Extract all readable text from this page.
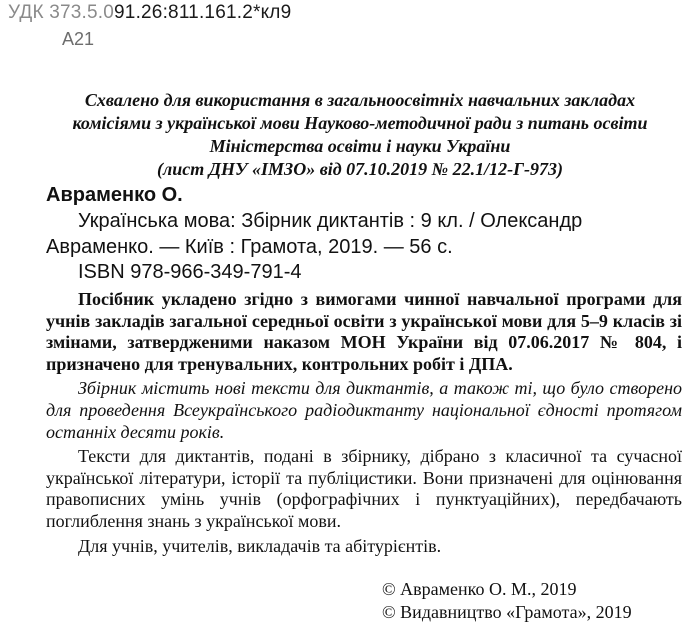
УДК 373.5.091.26:811.161.2*кл9
А21
Схвалено для використання в загальноосвітніх навчальних закладах
комісіями з української мови Науково-методичної ради з питань освіти
Міністерства освіти і науки України
(лист ДНУ «ІМЗО» від 07.10.2019 № 22.1/12-Г-973)
Авраменко О.
Українська мова: Збірник диктантів : 9 кл. / Олександр
Авраменко. — Київ : Грамота, 2019. — 56 с.
ISBN 978-966-349-791-4

Посібник укладено згідно з вимогами чинної навчальної програми для учнів закладів загальної середньої освіти з української мови для 5–9 класів зі змінами, затвердженими наказом МОН України від 07.06.2017 № 804, і призначено для тренувальних, контрольних робіт і ДПА.

Збірник містить нові тексти для диктантів, а також ті, що було створено для проведення Всеукраїнського радіодиктанту національної єдності протягом останніх десяти років.

Тексти для диктантів, подані в збірнику, дібрано з класичної та сучасної української літератури, історії та публіцистики. Вони призначені для оцінювання правописних умінь учнів (орфографічних і пунктуаційних), передбачають поглиблення знань з української мови.

Для учнів, учителів, викладачів та абітурієнтів.

© Авраменко О. М., 2019
© Видавництво «Грамота», 2019
